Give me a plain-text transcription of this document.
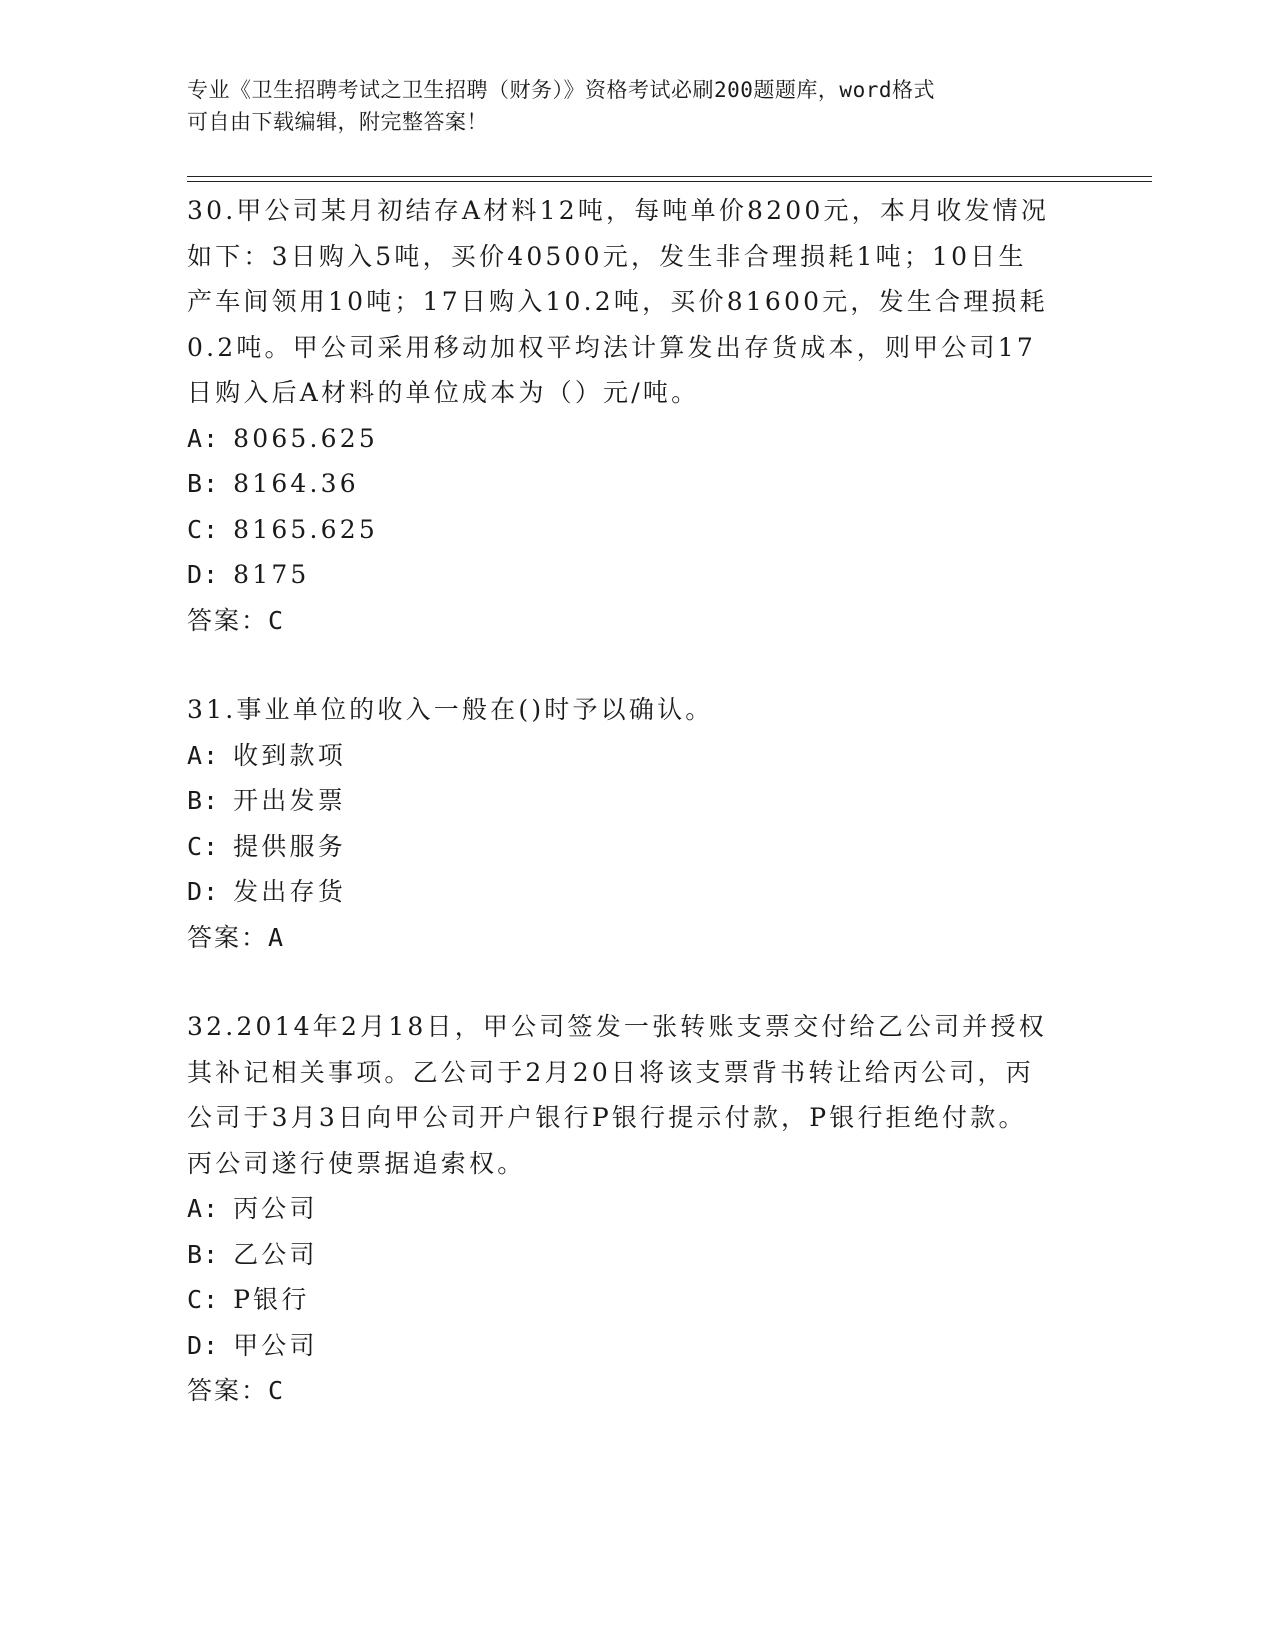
专业《卫生招聘考试之卫生招聘（财务）》资格考试必刷200题题库，word格式
可自由下载编辑，附完整答案！

30.甲公司某月初结存A材料12吨，每吨单价8200元，本月收发情况

如下：3日购入5吨，买价40500元，发生非合理损耗1吨；10日生

产车间领用10吨；17日购入10.2吨，买价81600元，发生合理损耗

0.2吨。甲公司采用移动加权平均法计算发出存货成本，则甲公司17

日购入后A材料的单位成本为（）元/吨。

A: 8065.625
B: 8164.36
C: 8165.625
D: 8175

答案：C

31.事业单位的收入一般在()时予以确认。

A: 收到款项
B: 开出发票
C: 提供服务
D: 发出存货

答案：A

32.2014年2月18日，甲公司签发一张转账支票交付给乙公司并授权

其补记相关事项。乙公司于2月20日将该支票背书转让给丙公司，丙

公司于3月3日向甲公司开户银行P银行提示付款，P银行拒绝付款。

丙公司遂行使票据追索权。

A: 丙公司
B: 乙公司
C: P银行
D: 甲公司

答案：C
